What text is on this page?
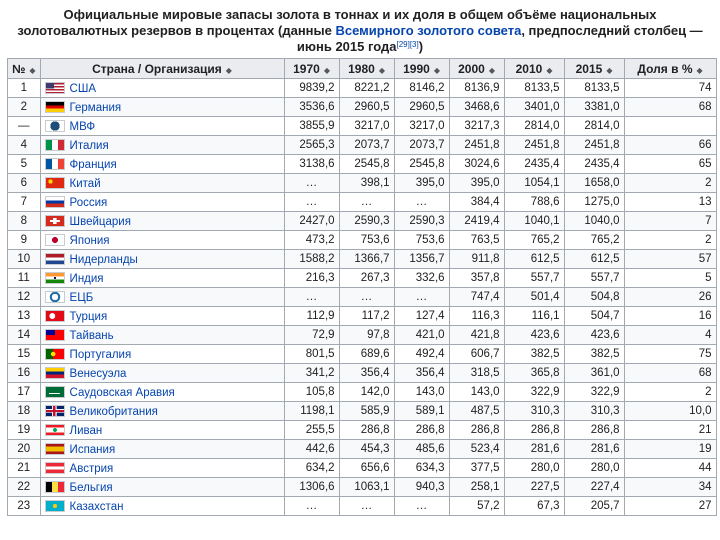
Официальные мировые запасы золота в тоннах и их доля в общем объёме национальных
золотовалютных резервов в процентах (данные Всемирного золотого совета, предпоследний столбец —
июнь 2015 года[29][3])
№ ◆	Страна / Организация ◆	1970 ◆	1980 ◆	1990 ◆	2000 ◆	2010 ◆	2015 ◆	Доля в % ◆
1	США	9839,2	8221,2	8146,2	8136,9	8133,5	8133,5	74
2	Германия	3536,6	2960,5	2960,5	3468,6	3401,0	3381,0	68
—	МВФ	3855,9	3217,0	3217,0	3217,3	2814,0	2814,0	
4	Италия	2565,3	2073,7	2073,7	2451,8	2451,8	2451,8	66
5	Франция	3138,6	2545,8	2545,8	3024,6	2435,4	2435,4	65
6	Китай	…	398,1	395,0	395,0	1054,1	1658,0	2
7	Россия	…	…	…	384,4	788,6	1275,0	13
8	Швейцария	2427,0	2590,3	2590,3	2419,4	1040,1	1040,0	7
9	Япония	473,2	753,6	753,6	763,5	765,2	765,2	2
10	Нидерланды	1588,2	1366,7	1356,7	911,8	612,5	612,5	57
11	Индия	216,3	267,3	332,6	357,8	557,7	557,7	5
12	ЕЦБ	…	…	…	747,4	501,4	504,8	26
13	Турция	112,9	117,2	127,4	116,3	116,1	504,7	16
14	Тайвань	72,9	97,8	421,0	421,8	423,6	423,6	4
15	Португалия	801,5	689,6	492,4	606,7	382,5	382,5	75
16	Венесуэла	341,2	356,4	356,4	318,5	365,8	361,0	68
17	Саудовская Аравия	105,8	142,0	143,0	143,0	322,9	322,9	2
18	Великобритания	1198,1	585,9	589,1	487,5	310,3	310,3	10,0
19	Ливан	255,5	286,8	286,8	286,8	286,8	286,8	21
20	Испания	442,6	454,3	485,6	523,4	281,6	281,6	19
21	Австрия	634,2	656,6	634,3	377,5	280,0	280,0	44
22	Бельгия	1306,6	1063,1	940,3	258,1	227,5	227,4	34
23	Казахстан	…	…	…	57,2	67,3	205,7	27
